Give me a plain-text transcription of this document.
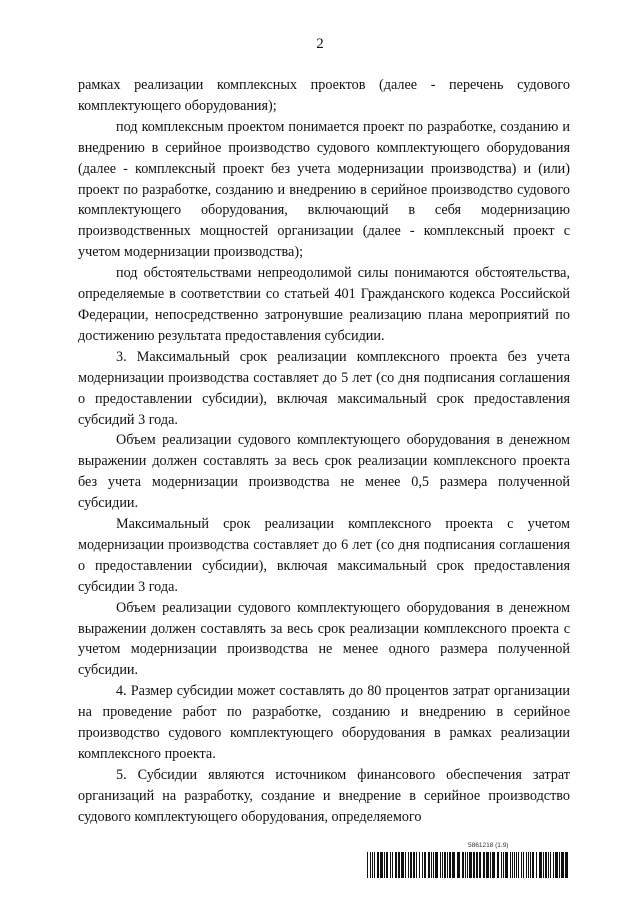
2

рамках реализации комплексных проектов (далее - перечень судового комплектующего оборудования);

под комплексным проектом понимается проект по разработке, созданию и внедрению в серийное производство судового комплектующего оборудования (далее - комплексный проект без учета модернизации производства) и (или) проект по разработке, созданию и внедрению в серийное производство судового комплектующего оборудования, включающий в себя модернизацию производственных мощностей организации (далее - комплексный проект с учетом модернизации производства);

под обстоятельствами непреодолимой силы понимаются обстоятельства, определяемые в соответствии со статьей 401 Гражданского кодекса Российской Федерации, непосредственно затронувшие реализацию плана мероприятий по достижению результата предоставления субсидии.

3. Максимальный срок реализации комплексного проекта без учета модернизации производства составляет до 5 лет (со дня подписания соглашения о предоставлении субсидии), включая максимальный срок предоставления субсидий 3 года.

Объем реализации судового комплектующего оборудования в денежном выражении должен составлять за весь срок реализации комплексного проекта без учета модернизации производства не менее 0,5 размера полученной субсидии.

Максимальный срок реализации комплексного проекта с учетом модернизации производства составляет до 6 лет (со дня подписания соглашения о предоставлении субсидии), включая максимальный срок предоставления субсидии 3 года.

Объем реализации судового комплектующего оборудования в денежном выражении должен составлять за весь срок реализации комплексного проекта с учетом модернизации производства не менее одного размера полученной субсидии.

4. Размер субсидии может составлять до 80 процентов затрат организации на проведение работ по разработке, созданию и внедрению в серийное производство судового комплектующего оборудования в рамках реализации комплексного проекта.

5. Субсидии являются источником финансового обеспечения затрат организаций на разработку, создание и внедрение в серийное производство судового комплектующего оборудования, определяемого

5861218 (1.9)
